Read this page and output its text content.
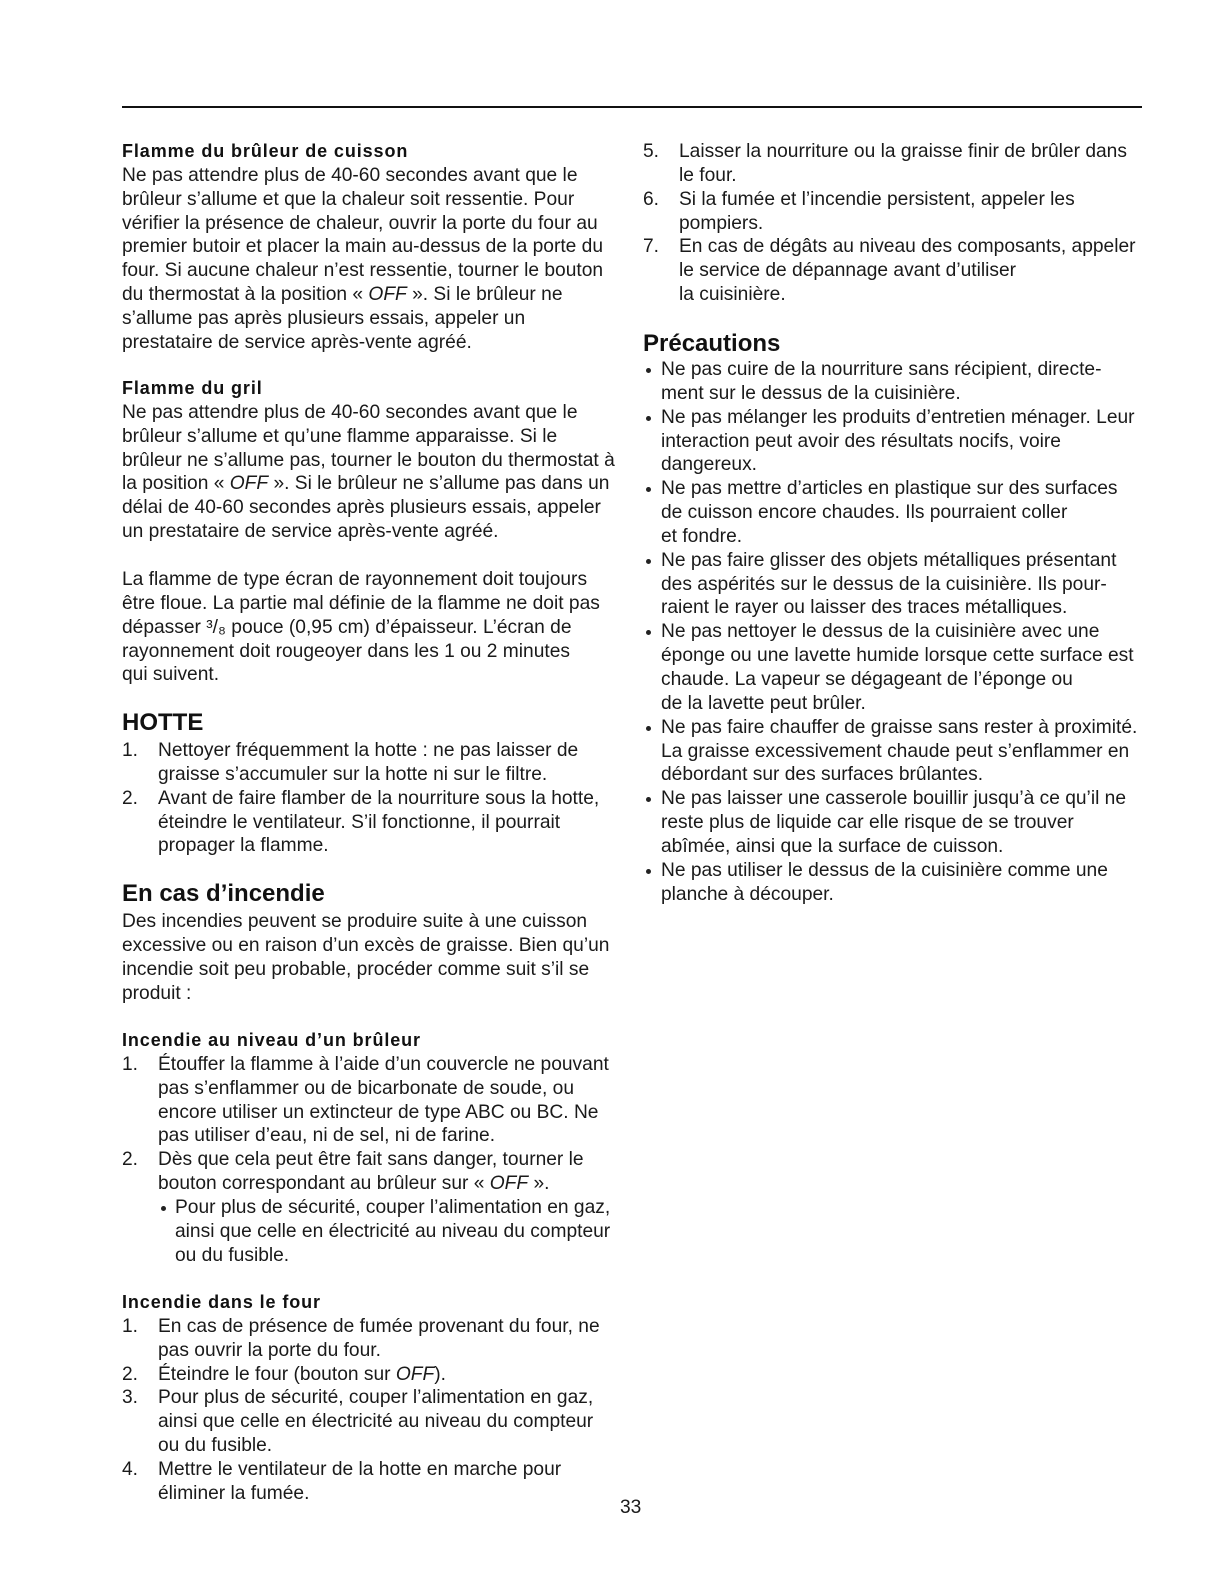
Flamme du brûleur de cuisson
Ne pas attendre plus de 40-60 secondes avant que le
brûleur s’allume et que la chaleur soit ressentie. Pour
vérifier la présence de chaleur, ouvrir la porte du four au
premier butoir et placer la main au-dessus de la porte du
four. Si aucune chaleur n’est ressentie, tourner le bouton
du thermostat à la position « OFF ». Si le brûleur ne
s’allume pas après plusieurs essais, appeler un
prestataire de service après-vente agréé.
Flamme du gril
Ne pas attendre plus de 40-60 secondes avant que le
brûleur s’allume et qu’une flamme apparaisse. Si le
brûleur ne s’allume pas, tourner le bouton du thermostat à
la position « OFF ». Si le brûleur ne s’allume pas dans un
délai de 40-60 secondes après plusieurs essais, appeler
un prestataire de service après-vente agréé.
La flamme de type écran de rayonnement doit toujours
être floue. La partie mal définie de la flamme ne doit pas
dépasser ³/₈ pouce (0,95 cm) d’épaisseur. L’écran de
rayonnement doit rougeoyer dans les 1 ou 2 minutes
qui suivent.
HOTTE
1. Nettoyer fréquemment la hotte : ne pas laisser de
graisse s’accumuler sur la hotte ni sur le filtre.
2. Avant de faire flamber de la nourriture sous la hotte,
éteindre le ventilateur. S’il fonctionne, il pourrait
propager la flamme.
En cas d’incendie
Des incendies peuvent se produire suite à une cuisson
excessive ou en raison d’un excès de graisse. Bien qu’un
incendie soit peu probable, procéder comme suit s’il se
produit :
Incendie au niveau d’un brûleur
1. Étouffer la flamme à l’aide d’un couvercle ne pouvant
pas s’enflammer ou de bicarbonate de soude, ou
encore utiliser un extincteur de type ABC ou BC. Ne
pas utiliser d’eau, ni de sel, ni de farine.
2. Dès que cela peut être fait sans danger, tourner le
bouton correspondant au brûleur sur « OFF ».
Pour plus de sécurité, couper l’alimentation en gaz,
ainsi que celle en électricité au niveau du compteur
ou du fusible.
Incendie dans le four
1. En cas de présence de fumée provenant du four, ne
pas ouvrir la porte du four.
2. Éteindre le four (bouton sur OFF).
3. Pour plus de sécurité, couper l’alimentation en gaz,
ainsi que celle en électricité au niveau du compteur
ou du fusible.
4. Mettre le ventilateur de la hotte en marche pour
éliminer la fumée.
5. Laisser la nourriture ou la graisse finir de brûler dans
le four.
6. Si la fumée et l’incendie persistent, appeler les
pompiers.
7. En cas de dégâts au niveau des composants, appeler
le service de dépannage avant d’utiliser
la cuisinière.
Précautions
Ne pas cuire de la nourriture sans récipient, directe-
ment sur le dessus de la cuisinière.
Ne pas mélanger les produits d’entretien ménager. Leur
interaction peut avoir des résultats nocifs, voire
dangereux.
Ne pas mettre d’articles en plastique sur des surfaces
de cuisson encore chaudes. Ils pourraient coller
et fondre.
Ne pas faire glisser des objets métalliques présentant
des aspérités sur le dessus de la cuisinière. Ils pour-
raient le rayer ou laisser des traces métalliques.
Ne pas nettoyer le dessus de la cuisinière avec une
éponge ou une lavette humide lorsque cette surface est
chaude. La vapeur se dégageant de l’éponge ou
de la lavette peut brûler.
Ne pas faire chauffer de graisse sans rester à proximité.
La graisse excessivement chaude peut s’enflammer en
débordant sur des surfaces brûlantes.
Ne pas laisser une casserole bouillir jusqu’à ce qu’il ne
reste plus de liquide car elle risque de se trouver
abîmée, ainsi que la surface de cuisson.
Ne pas utiliser le dessus de la cuisinière comme une
planche à découper.
33
